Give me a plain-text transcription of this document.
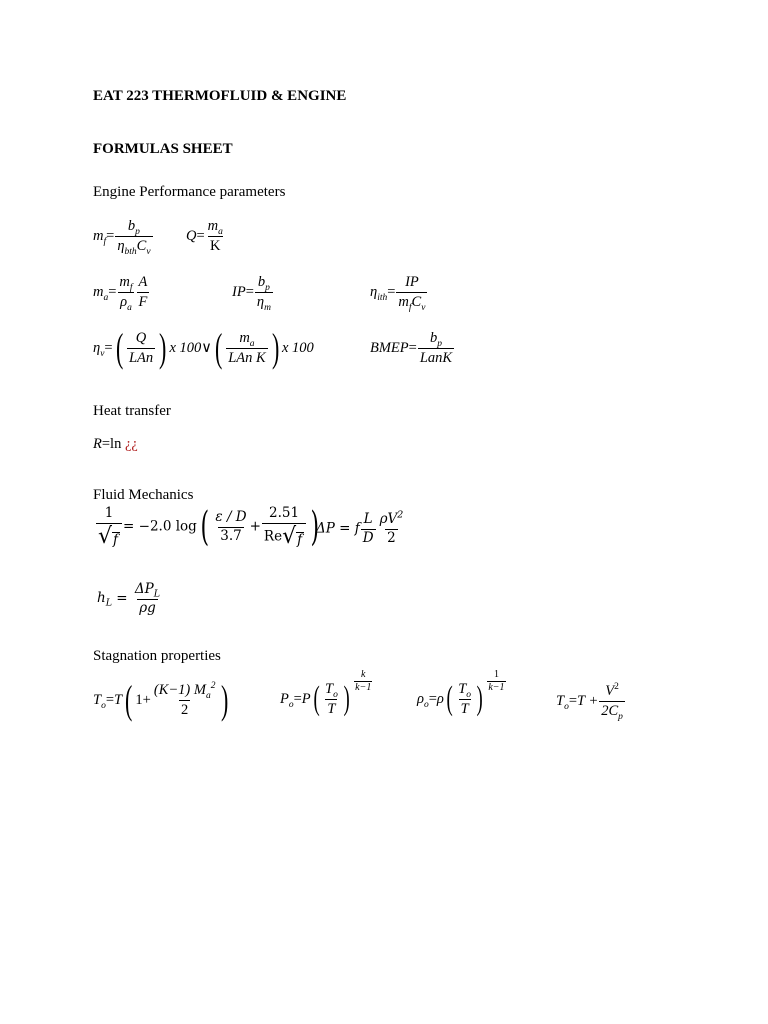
EAT 223 THERMOFLUID & ENGINE
FORMULAS SHEET
Engine Performance parameters
Heat transfer
Fluid Mechanics
Stagnation properties
$m_f= \frac{b_p}{\eta_{bth}C_v} Q= \frac{m_a}{K}$
$m_a= \frac{m_f}{\rho_a} \frac{A}{F}$	$IP= \frac{b_p}{\eta_m}$	$\eta_{ith}= \frac{IP}{m_fC_v}$
$\eta_v=( \frac{Q}{\text{LAn}}$ ) x 100∨( $\frac{m_a}{\text{LAn K}}$ ) x 100	BMEP= $\frac{b_p}{\text{LanK}}$
R=ln ¿¿
$\frac{1}{√ f} = -2.0$ $\log( \frac{\varepsilon / D}{3.7} + \frac{2.51}{Re √ f}$ )
ΔP = f $\frac{L}{D} \frac{\rho V^2}{2}$
$h_L = \frac{\Delta P_L}{\rho g}$
$T_o=T$( $1+ \frac{(K-1) M_a^2}{2}$ )	$P_o=P( \frac{T_o}{T}$ ) $\frac{k}{k-1}$
$\rho_o=\rho( \frac{T_o}{T}$ ) $\frac{1}{k-1}$
$T_o=T + \frac{V^2}{2C_p}$
